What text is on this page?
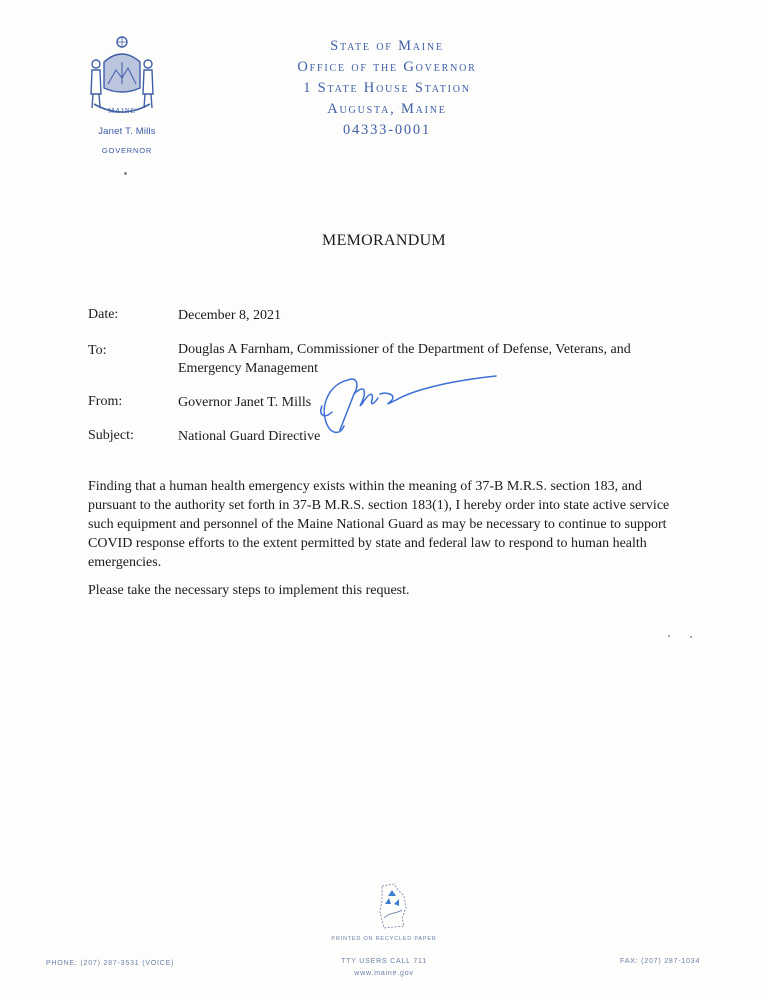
MAINE
Janet T. Mills
GOVERNOR
State of Maine
Office of the Governor
1 State House Station
Augusta, Maine
04333-0001
MEMORANDUM
Date:	December 8, 2021
To:	Douglas A Farnham, Commissioner of the Department of Defense, Veterans, and
Emergency Management
From:	Governor Janet T. Mills
Subject:	National Guard Directive
Finding that a human health emergency exists within the meaning of 37-B M.R.S. section 183, and pursuant to the authority set forth in 37-B M.R.S. section 183(1), I hereby order into state active service such equipment and personnel of the Maine National Guard as may be necessary to continue to support COVID response efforts to the extent permitted by state and federal law to respond to human health emergencies.
Please take the necessary steps to implement this request.
PRINTED ON RECYCLED PAPER
PHONE: (207) 287-3531 (VOICE)	TTY USERS CALL 711
www.maine.gov
FAX: (207) 287-1034
